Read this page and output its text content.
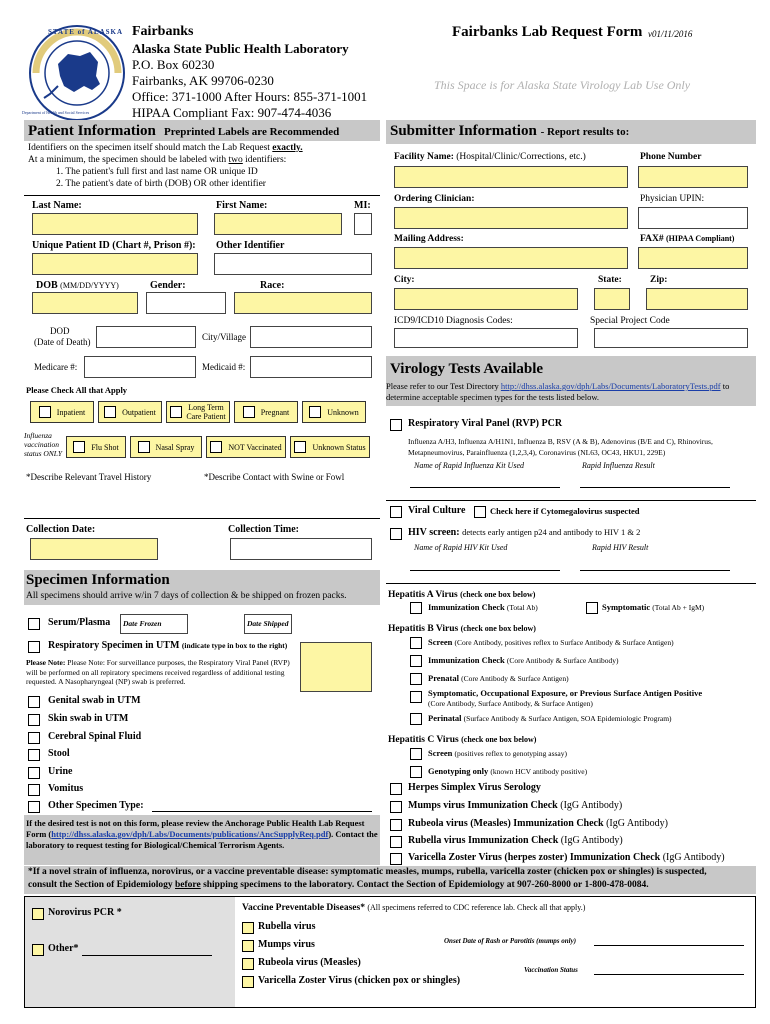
STATE of ALASKA
Department of Health and Social Services
Fairbanks
Alaska State Public Health Laboratory
P.O. Box 60230
Fairbanks, AK 99706-0230
Office: 371-1000 After Hours: 855-371-1001
HIPAA Compliant Fax: 907-474-4036
Fairbanks Lab Request Form v01/11/2016
This Space is for Alaska State Virology Lab Use Only
Patient Information Preprinted Labels are Recommended
Identifiers on the specimen itself should match the Lab Request exactly.
At a minimum, the specimen should be labeled with two identifiers:
1. The patient's full first and last name OR unique ID
2. The patient's date of birth (DOB) OR other identifier
Last Name:	First Name:	MI:
Unique Patient ID (Chart #, Prison #): Other Identifier
DOB (MM/DD/YYYY)	Gender:	Race:
DOD
(Date of Death)	City/Village
Medicare #:	Medicaid #:
Please Check All that Apply
Inpatient	Outpatient	Long Term Care Patient	Pregnant	Unknown
Influenza vaccination status ONLY
Flu Shot	Nasal Spray	NOT Vaccinated	Unknown Status
*Describe Relevant Travel History	*Describe Contact with Swine or Fowl
Collection Date:	Collection Time:
Specimen Information
All specimens should arrive w/in 7 days of collection & be shipped on frozen packs.
Serum/Plasma	Date Frozen	Date Shipped
Respiratory Specimen in UTM (indicate type in box to the right)
Please Note: Please Note: For surveillance purposes, the Respiratory Viral Panel (RVP) will be performed on all repiratory specimens received regardless of additional testing requested. A Nasopharyngeal (NP) swab is preferred.
Genital swab in UTM
Skin swab in UTM
Cerebral Spinal Fluid
Stool
Urine
Vomitus
Other Specimen Type:
If the desired test is not on this form, please review the Anchorage Public Health Lab Request Form (http://dhss.alaska.gov/dph/Labs/Documents/publications/AncSupplyReq.pdf). Contact the laboratory to request testing for Biological/Chemical Terrorism Agents.
Submitter Information - Report results to:
Facility Name: (Hospital/Clinic/Corrections, etc.)	Phone Number
Ordering Clinician:	Physician UPIN:
Mailing Address:	FAX# (HIPAA Compliant)
City:	State:	Zip:
ICD9/ICD10 Diagnosis Codes:	Special Project Code
Virology Tests Available
Please refer to our Test Directory http://dhss.alaska.gov/dph/Labs/Documents/LaboratoryTests.pdf to determine acceptable specimen types for the tests listed below.
Respiratory Viral Panel (RVP) PCR
Influenza A/H3, Influenza A/H1N1, Influenza B, RSV (A & B), Adenovirus (B/E and C), Rhinovirus, Metapneumovirus, Parainfluenza (1,2,3,4), Coronavirus (NL63, OC43, HKU1, 229E)
Name of Rapid Influenza Kit Used	Rapid Influenza Result
Viral Culture	Check here if Cytomegalovirus suspected
HIV screen: detects early antigen p24 and antibody to HIV 1 & 2
Name of Rapid HIV Kit Used	Rapid HIV Result
Hepatitis A Virus (check one box below)
Immunization Check (Total Ab)	Symptomatic (Total Ab + IgM)
Hepatitis B Virus (check one box below)
Screen (Core Antibody, positives reflex to Surface Antibody & Surface Antigen)
Immunization Check (Core Antibody & Surface Antibody)
Prenatal (Core Antibody & Surface Antigen)
Symptomatic, Occupational Exposure, or Previous Surface Antigen Positive
(Core Antibody, Surface Antibody, & Surface Antigen)
Perinatal (Surface Antibody & Surface Antigen, SOA Epidemiologic Program)
Hepatitis C Virus (check one box below)
Screen (positives reflex to genotyping assay)
Genotyping only (known HCV antibody positive)
Herpes Simplex Virus Serology
Mumps virus Immunization Check (IgG Antibody)
Rubeola virus (Measles) Immunization Check (IgG Antibody)
Rubella virus Immunization Check (IgG Antibody)
Varicella Zoster Virus (herpes zoster) Immunization Check (IgG Antibody)
*If a novel strain of influenza, norovirus, or a vaccine preventable disease: symptomatic measles, mumps, rubella, varicella zoster (chicken pox or shingles) is suspected,
consult the Section of Epidemiology before shipping specimens to the laboratory. Contact the Section of Epidemiology at 907-260-8000 or 1-800-478-0084.
Norovirus PCR *
Other*
Vaccine Preventable Diseases* (All specimens referred to CDC reference lab. Check all that apply.)
Rubella virus
Mumps virus
Rubeola virus (Measles)
Varicella Zoster Virus (chicken pox or shingles)
Onset Date of Rash or Parotitis (mumps only)
Vaccination Status
